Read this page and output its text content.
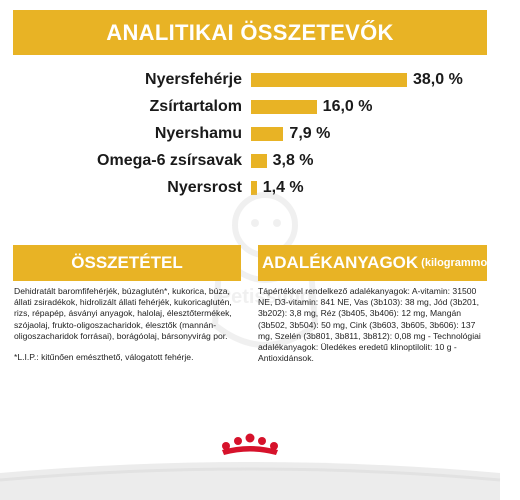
ANALITIKAI ÖSSZETEVŐK
Nyersfehérje	38,0 %
Zsírtartalom	16,0 %
Nyershamu	7,9 %
Omega-6 zsírsavak 3,8 %
Nyersrost 1,4 %
Petissimo
ÖSSZETÉTEL	ADALÉKANYAGOK (kilogrammonként)
Dehidratált baromfifehérjék, búzaglutén*, kukorica, búza, állati zsiradékok, hidrolizált állati fehérjék, kukoricaglutén, rizs, répapép, ásványi anyagok, halolaj, élesztőtermékek, szójaolaj, frukto-oligoszacharidok, élesztők (mannán-oligoszacharidok forrásai), borágóolaj, bársonyvirág por.
*L.I.P.: kitűnően emészthető, válogatott fehérje.
Tápértékkel rendelkező adalékanyagok: A-vitamin: 31500 NE, D3-vitamin: 841 NE, Vas (3b103): 38 mg, Jód (3b201, 3b202): 3,8 mg, Réz (3b405, 3b406): 12 mg, Mangán (3b502, 3b504): 50 mg, Cink (3b603, 3b605, 3b606): 137 mg, Szelén (3b801, 3b811, 3b812): 0,08 mg - Technológiai adalékanyagok: Üledékes eredetű klinoptilolit: 10 g - Antioxidánsok.
